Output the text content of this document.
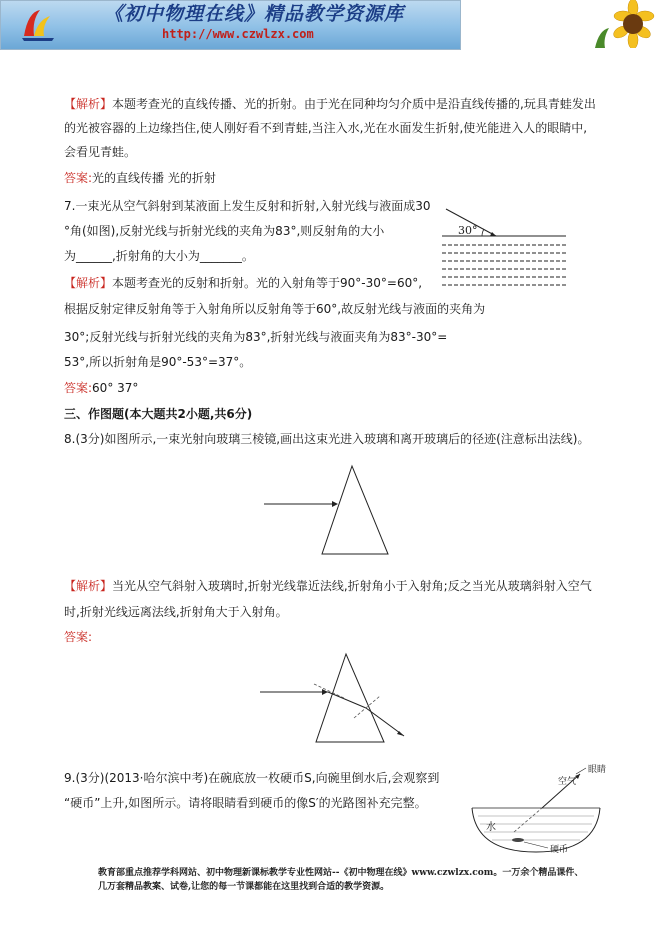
《初中物理在线》精品教学资源库
http://www.czwlzx.com
【解析】本题考查光的直线传播、光的折射。由于光在同种均匀介质中是沿直线传播的,玩具青蛙发出
的光被容器的上边缘挡住,使人刚好看不到青蛙,当注入水,光在水面发生折射,使光能进入人的眼睛中,
会看见青蛙。
答案:光的直线传播 光的折射
7.一束光从空气斜射到某液面上发生反射和折射,入射光线与液面成30
°角(如图),反射光线与折射光线的夹角为83°,则反射角的大小
为______,折射角的大小为_______。
30°
【解析】本题考查光的反射和折射。光的入射角等于90°-30°=60°,
根据反射定律反射角等于入射角所以反射角等于60°,故反射光线与液面的夹角为
30°;反射光线与折射光线的夹角为83°,折射光线与液面夹角为83°-30°=
53°,所以折射角是90°-53°=37°。
答案:60° 37°
三、作图题(本大题共2小题,共6分)
8.(3分)如图所示,一束光射向玻璃三棱镜,画出这束光进入玻璃和离开玻璃后的径迹(注意标出法线)。
【解析】当光从空气斜射入玻璃时,折射光线靠近法线,折射角小于入射角;反之当光从玻璃斜射入空气
时,折射光线远离法线,折射角大于入射角。
答案:
9.(3分)(2013·哈尔滨中考)在碗底放一枚硬币S,向碗里倒水后,会观察到
“硬币”上升,如图所示。请将眼睛看到硬币的像S′的光路图补充完整。
空气
水
眼睛
硬币
教育部重点推荐学科网站、初中物理新课标教学专业性网站--《初中物理在线》www.czwlzx.com。一万余个精品课件、
几万套精品教案、试卷,让您的每一节课都能在这里找到合适的教学资源。
